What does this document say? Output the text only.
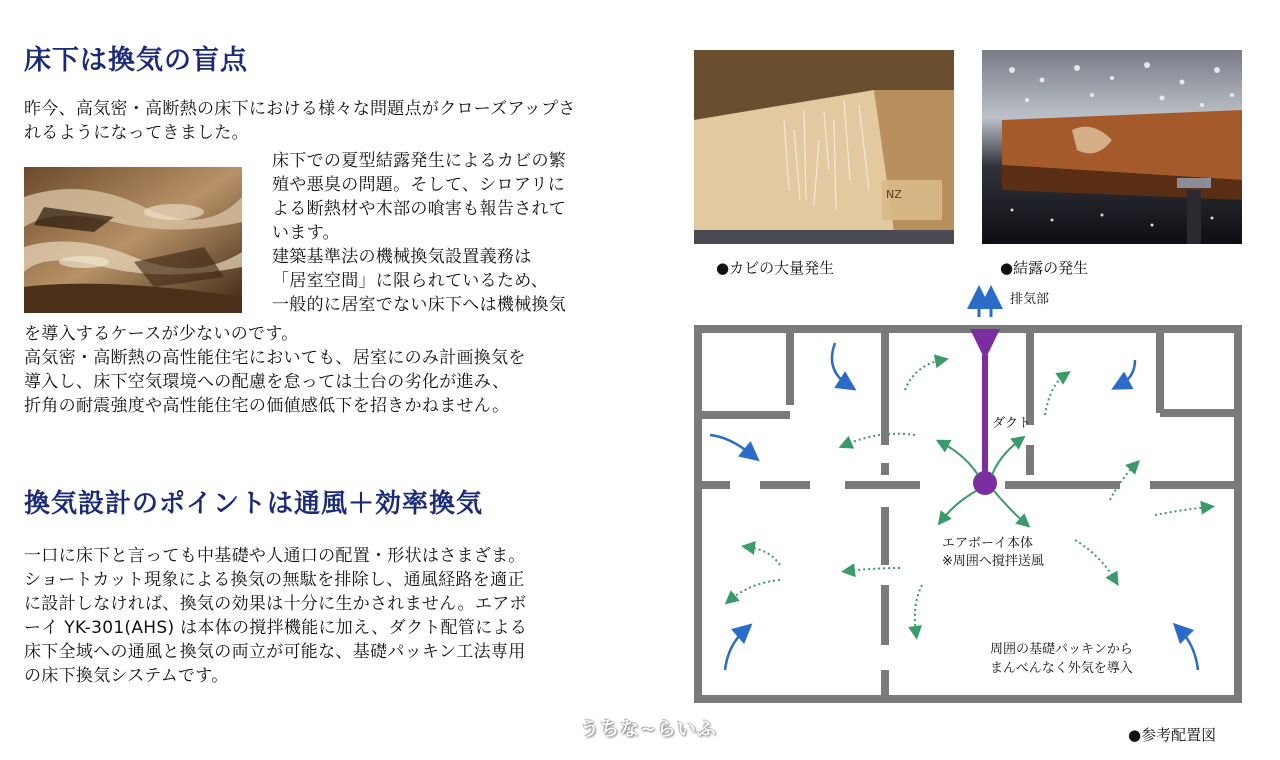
床下は換気の盲点
昨今、高気密・高断熱の床下における様々な問題点がクローズアップさ
れるようになってきました。
床下での夏型結露発生によるカビの繁
殖や悪臭の問題。そして、シロアリに
よる断熱材や木部の喰害も報告されて
います。
建築基準法の機械換気設置義務は
「居室空間」に限られているため、
一般的に居室でない床下へは機械換気
を導入するケースが少ないのです。
高気密・高断熱の高性能住宅においても、居室にのみ計画換気を
導入し、床下空気環境への配慮を怠っては土台の劣化が進み、
折角の耐震強度や高性能住宅の価値感低下を招きかねません。
換気設計のポイントは通風＋効率換気
一口に床下と言っても中基礎や人通口の配置・形状はさまざま。
ショートカット現象による換気の無駄を排除し、通風経路を適正
に設計しなければ、換気の効果は十分に生かされません。エアボ
ーイ YK-301(AHS) は本体の撹拌機能に加え、ダクト配管による
床下全域への通風と換気の両立が可能な、基礎パッキン工法専用
の床下換気システムです。
NZ
●カビの大量発生	●結露の発生
排気部
ダクト
エアボーイ本体
※周囲へ撹拌送風
周囲の基礎パッキンから
まんべんなく外気を導入
●参考配置図
うちな~らいふ
